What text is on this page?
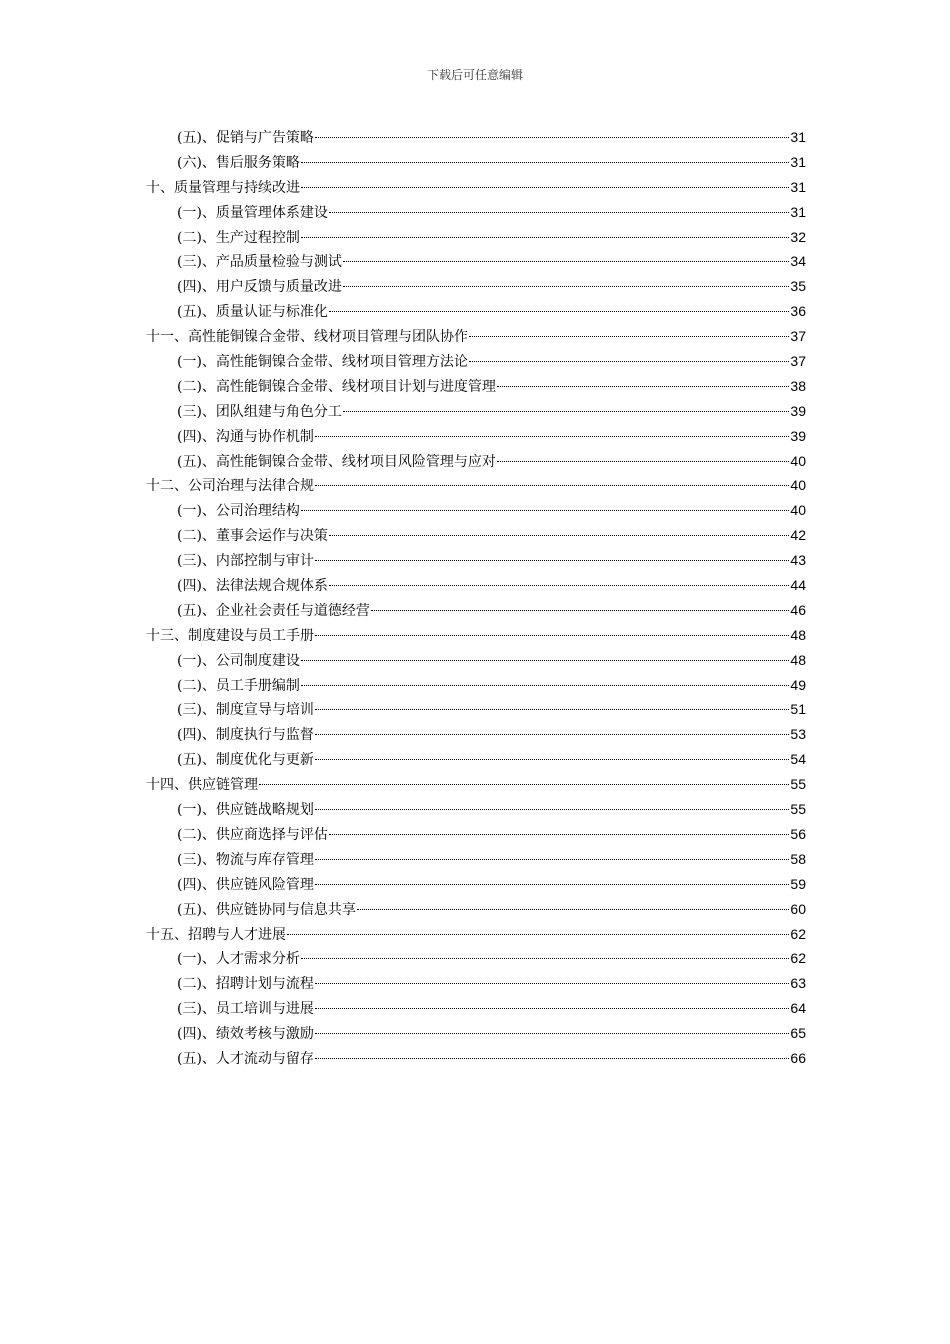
下载后可任意编辑
(五)、促销与广告策略	31
(六)、售后服务策略	31
十、质量管理与持续改进	31
(一)、质量管理体系建设	31
(二)、生产过程控制	32
(三)、产品质量检验与测试	34
(四)、用户反馈与质量改进	35
(五)、质量认证与标准化	36
十一、高性能铜镍合金带、线材项目管理与团队协作	37
(一)、高性能铜镍合金带、线材项目管理方法论	37
(二)、高性能铜镍合金带、线材项目计划与进度管理	38
(三)、团队组建与角色分工	39
(四)、沟通与协作机制	39
(五)、高性能铜镍合金带、线材项目风险管理与应对	40
十二、公司治理与法律合规	40
(一)、公司治理结构	40
(二)、董事会运作与决策	42
(三)、内部控制与审计	43
(四)、法律法规合规体系	44
(五)、企业社会责任与道德经营	46
十三、制度建设与员工手册	48
(一)、公司制度建设	48
(二)、员工手册编制	49
(三)、制度宣导与培训	51
(四)、制度执行与监督	53
(五)、制度优化与更新	54
十四、供应链管理	55
(一)、供应链战略规划	55
(二)、供应商选择与评估	56
(三)、物流与库存管理	58
(四)、供应链风险管理	59
(五)、供应链协同与信息共享	60
十五、招聘与人才进展	62
(一)、人才需求分析	62
(二)、招聘计划与流程	63
(三)、员工培训与进展	64
(四)、绩效考核与激励	65
(五)、人才流动与留存	66
